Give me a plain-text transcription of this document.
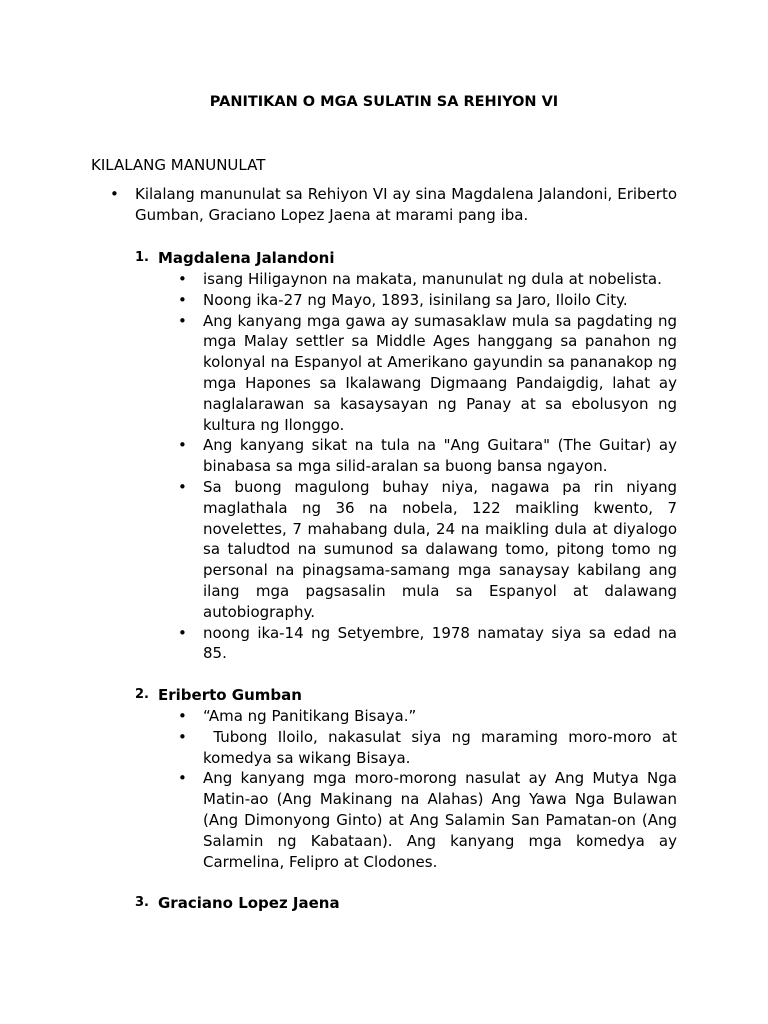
PANITIKAN O MGA SULATIN SA REHIYON VI
KILALANG MANUNULAT
•	Kilalang manunulat sa Rehiyon VI ay sina Magdalena Jalandoni, Eriberto Gumban, Graciano Lopez Jaena at marami pang iba.
1. Magdalena Jalandoni
•	isang Hiligaynon na makata, manunulat ng dula at nobelista.
•	Noong ika-27 ng Mayo, 1893, isinilang sa Jaro, Iloilo City.
•	Ang kanyang mga gawa ay sumasaklaw mula sa pagdating ng mga Malay settler sa Middle Ages hanggang sa panahon ng kolonyal na Espanyol at Amerikano gayundin sa pananakop ng mga Hapones sa Ikalawang Digmaang Pandaigdig, lahat ay naglalarawan sa kasaysayan ng Panay at sa ebolusyon ng kultura ng Ilonggo.
•	Ang kanyang sikat na tula na "Ang Guitara" (The Guitar) ay binabasa sa mga silid-aralan sa buong bansa ngayon.
•	Sa buong magulong buhay niya, nagawa pa rin niyang maglathala ng 36 na nobela, 122 maikling kwento, 7 novelettes, 7 mahabang dula, 24 na maikling dula at diyalogo sa taludtod na sumunod sa dalawang tomo, pitong tomo ng personal na pinagsama-samang mga sanaysay kabilang ang ilang mga pagsasalin mula sa Espanyol at dalawang autobiography.
•	noong ika-14 ng Setyembre, 1978 namatay siya sa edad na 85.
2. Eriberto Gumban
•	“Ama ng Panitikang Bisaya.”
•	Tubong Iloilo, nakasulat siya ng maraming moro-moro at komedya sa wikang Bisaya.
•	Ang kanyang mga moro-morong nasulat ay Ang Mutya Nga Matin-ao (Ang Makinang na Alahas) Ang Yawa Nga Bulawan (Ang Dimonyong Ginto) at Ang Salamin San Pamatan-on (Ang Salamin ng Kabataan). Ang kanyang mga komedya ay Carmelina, Felipro at Clodones.
3. Graciano Lopez Jaena
